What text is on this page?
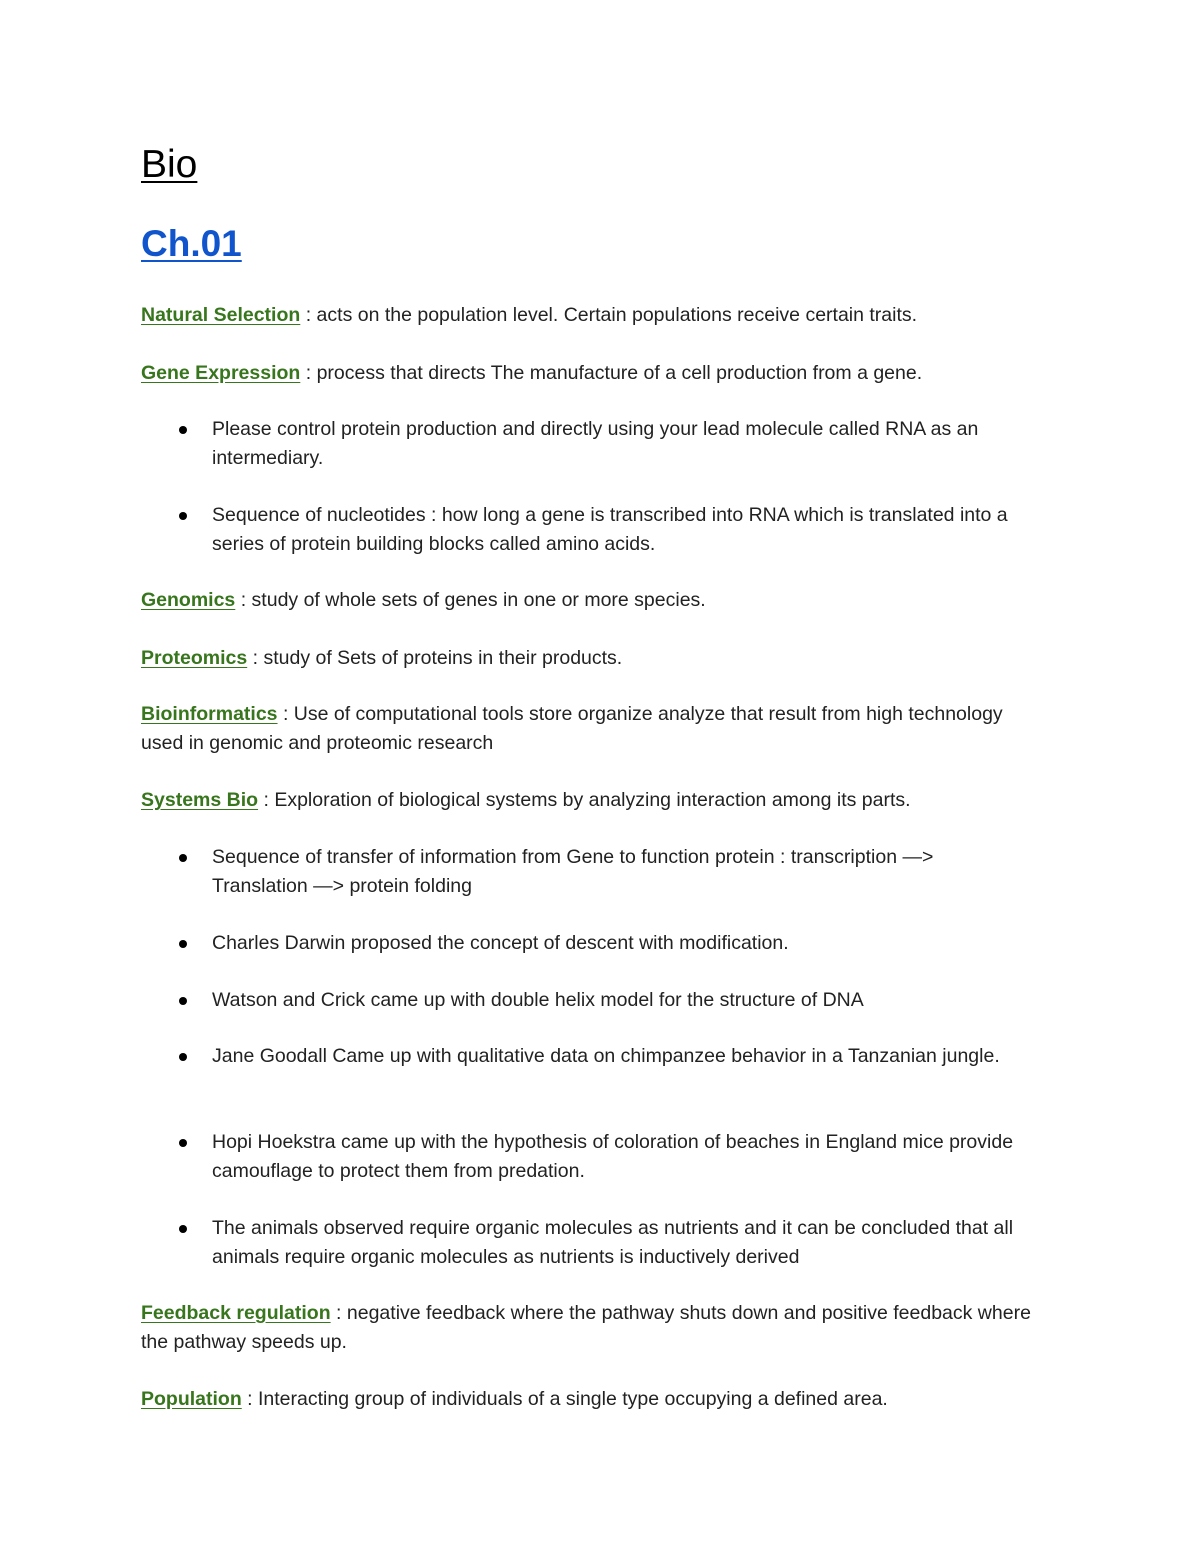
Bio
Ch.01

Natural Selection : acts on the population level. Certain populations receive certain traits.

Gene Expression : process that directs The manufacture of a cell production from a gene.

Please control protein production and directly using your lead molecule called RNA as an intermediary.
Sequence of nucleotides : how long a gene is transcribed into RNA which is translated into a series of protein building blocks called amino acids.

Genomics : study of whole sets of genes in one or more species.

Proteomics : study of Sets of proteins in their products.

Bioinformatics : Use of computational tools store organize analyze that result from high technology used in genomic and proteomic research

Systems Bio : Exploration of biological systems by analyzing interaction among its parts.

Sequence of transfer of information from Gene to function protein : transcription —> Translation —> protein folding
Charles Darwin proposed the concept of descent with modification.
Watson and Crick came up with double helix model for the structure of DNA
Jane Goodall Came up with qualitative data on chimpanzee behavior in a Tanzanian jungle.
Hopi Hoekstra came up with the hypothesis of coloration of beaches in England mice provide camouflage to protect them from predation.
The animals observed require organic molecules as nutrients and it can be concluded that all animals require organic molecules as nutrients is inductively derived

Feedback regulation : negative feedback where the pathway shuts down and positive feedback where the pathway speeds up.

Population : Interacting group of individuals of a single type occupying a defined area.
